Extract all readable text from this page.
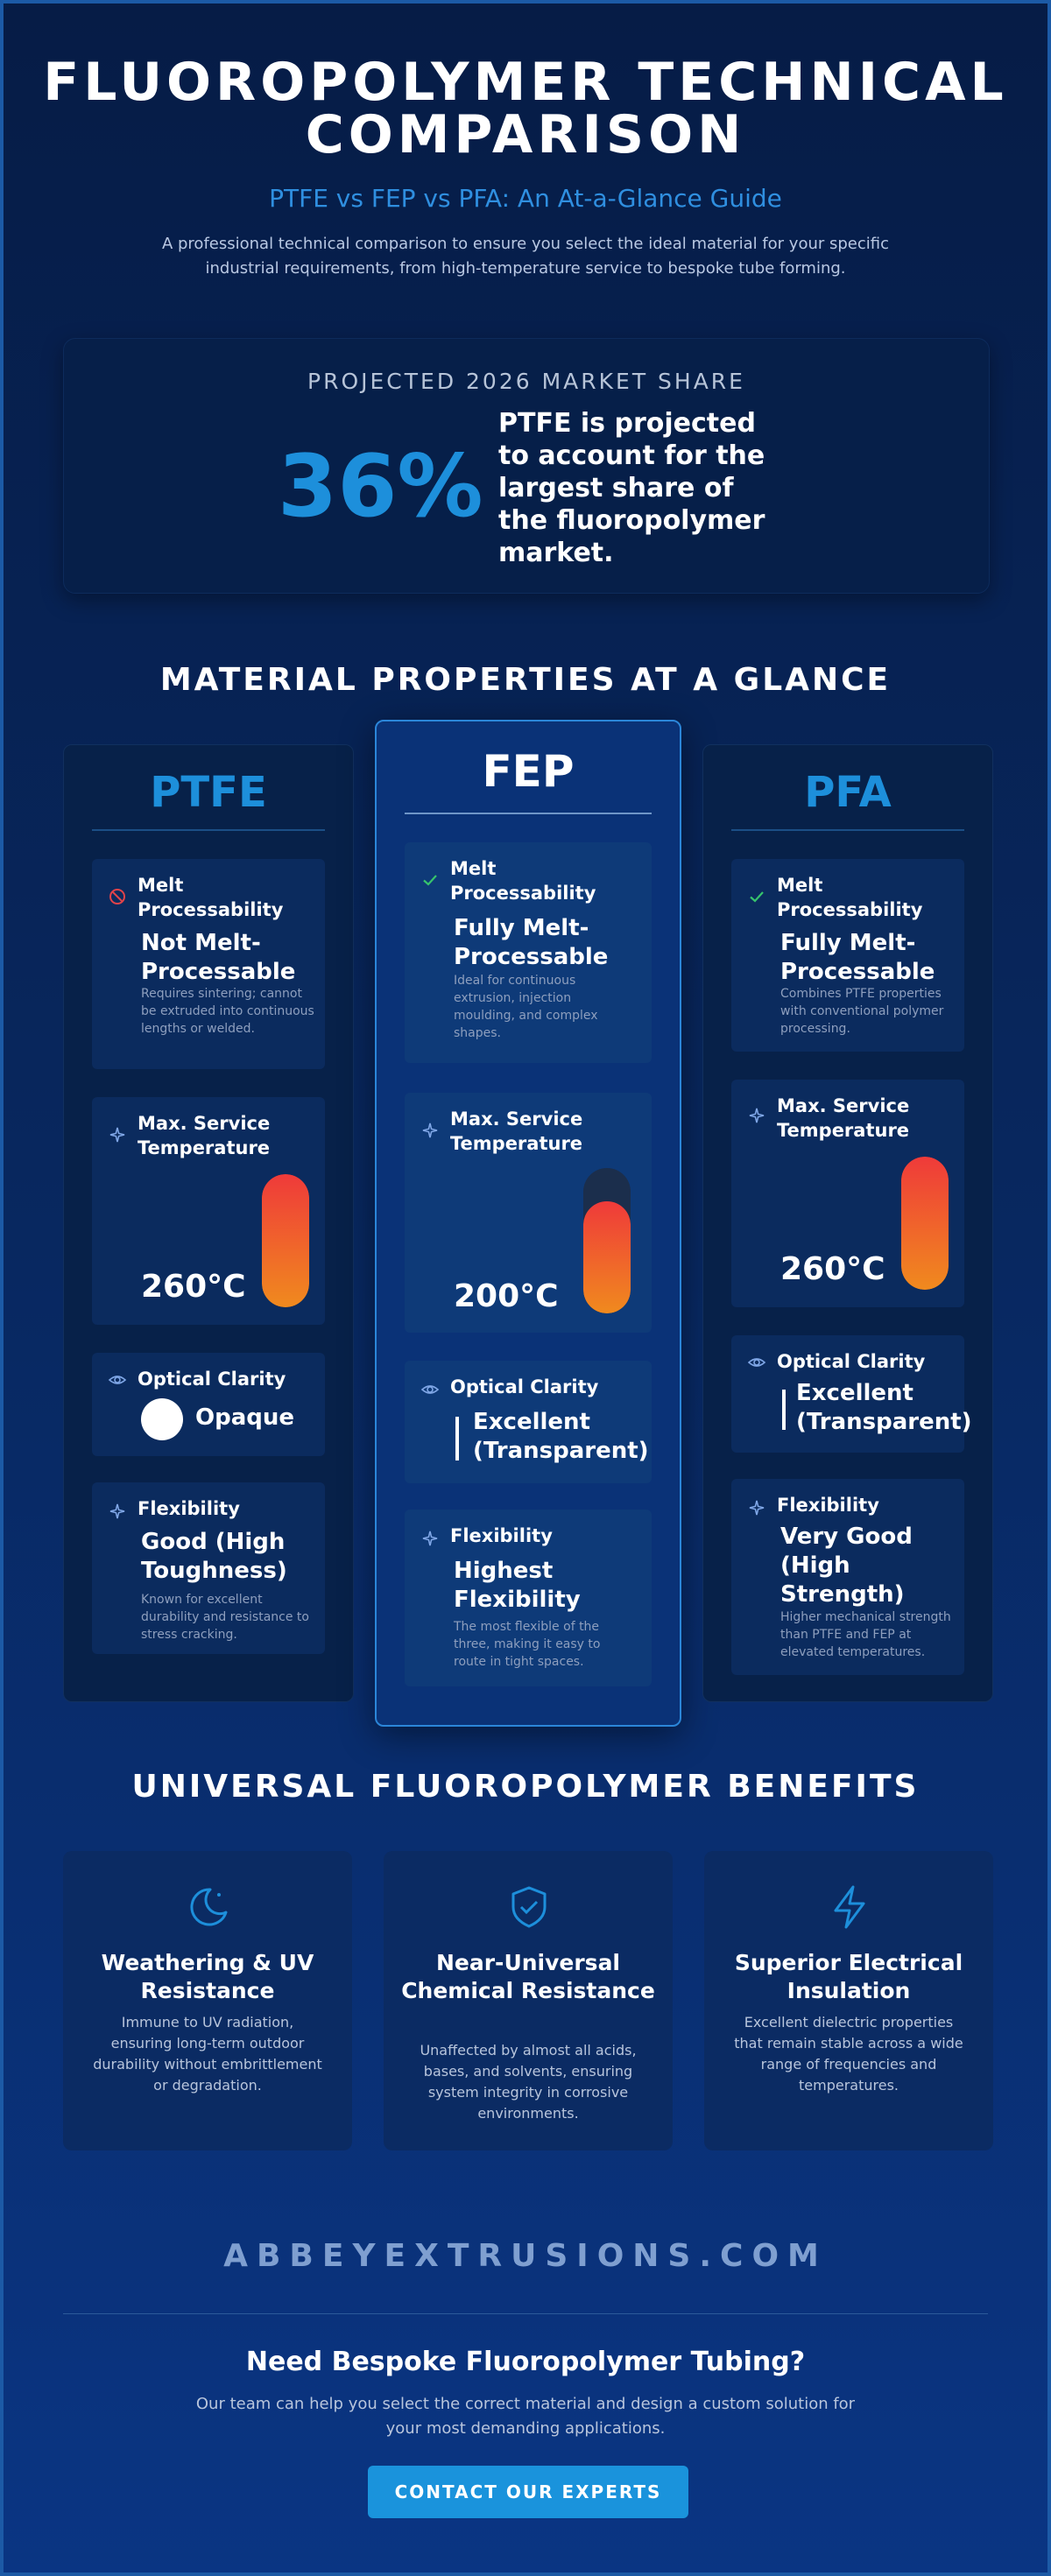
FLUOROPOLYMER TECHNICAL
COMPARISON
PTFE vs FEP vs PFA: An At-a-Glance Guide
A professional technical comparison to ensure you select the ideal material for your specific industrial requirements, from high-temperature service to bespoke tube forming.
PROJECTED 2026 MARKET SHARE
36%
PTFE is projected to account for the largest share of the fluoropolymer market.
MATERIAL PROPERTIES AT A GLANCE
PTFE
Melt Processability
Not Melt-Processable
Requires sintering; cannot be extruded into continuous lengths or welded.
Max. Service Temperature
260°C
Optical Clarity
Opaque
Flexibility
Good (High Toughness)
Known for excellent durability and resistance to stress cracking.
FEP
Melt Processability
Fully Melt-Processable
Ideal for continuous extrusion, injection moulding, and complex shapes.
Max. Service Temperature
200°C
Optical Clarity
Excellent (Transparent)
Flexibility
Highest Flexibility
The most flexible of the three, making it easy to route in tight spaces.
PFA
Melt Processability
Fully Melt-Processable
Combines PTFE properties with conventional polymer processing.
Max. Service Temperature
260°C
Optical Clarity
Excellent (Transparent)
Flexibility
Very Good (High Strength)
Higher mechanical strength than PTFE and FEP at elevated temperatures.
UNIVERSAL FLUOROPOLYMER BENEFITS
Weathering & UV Resistance
Immune to UV radiation, ensuring long-term outdoor durability without embrittlement or degradation.
Near-Universal Chemical Resistance
Unaffected by almost all acids, bases, and solvents, ensuring system integrity in corrosive environments.
Superior Electrical Insulation
Excellent dielectric properties that remain stable across a wide range of frequencies and temperatures.
ABBEYEXTRUSIONS.COM
Need Bespoke Fluoropolymer Tubing?
Our team can help you select the correct material and design a custom solution for your most demanding applications.
CONTACT OUR EXPERTS
